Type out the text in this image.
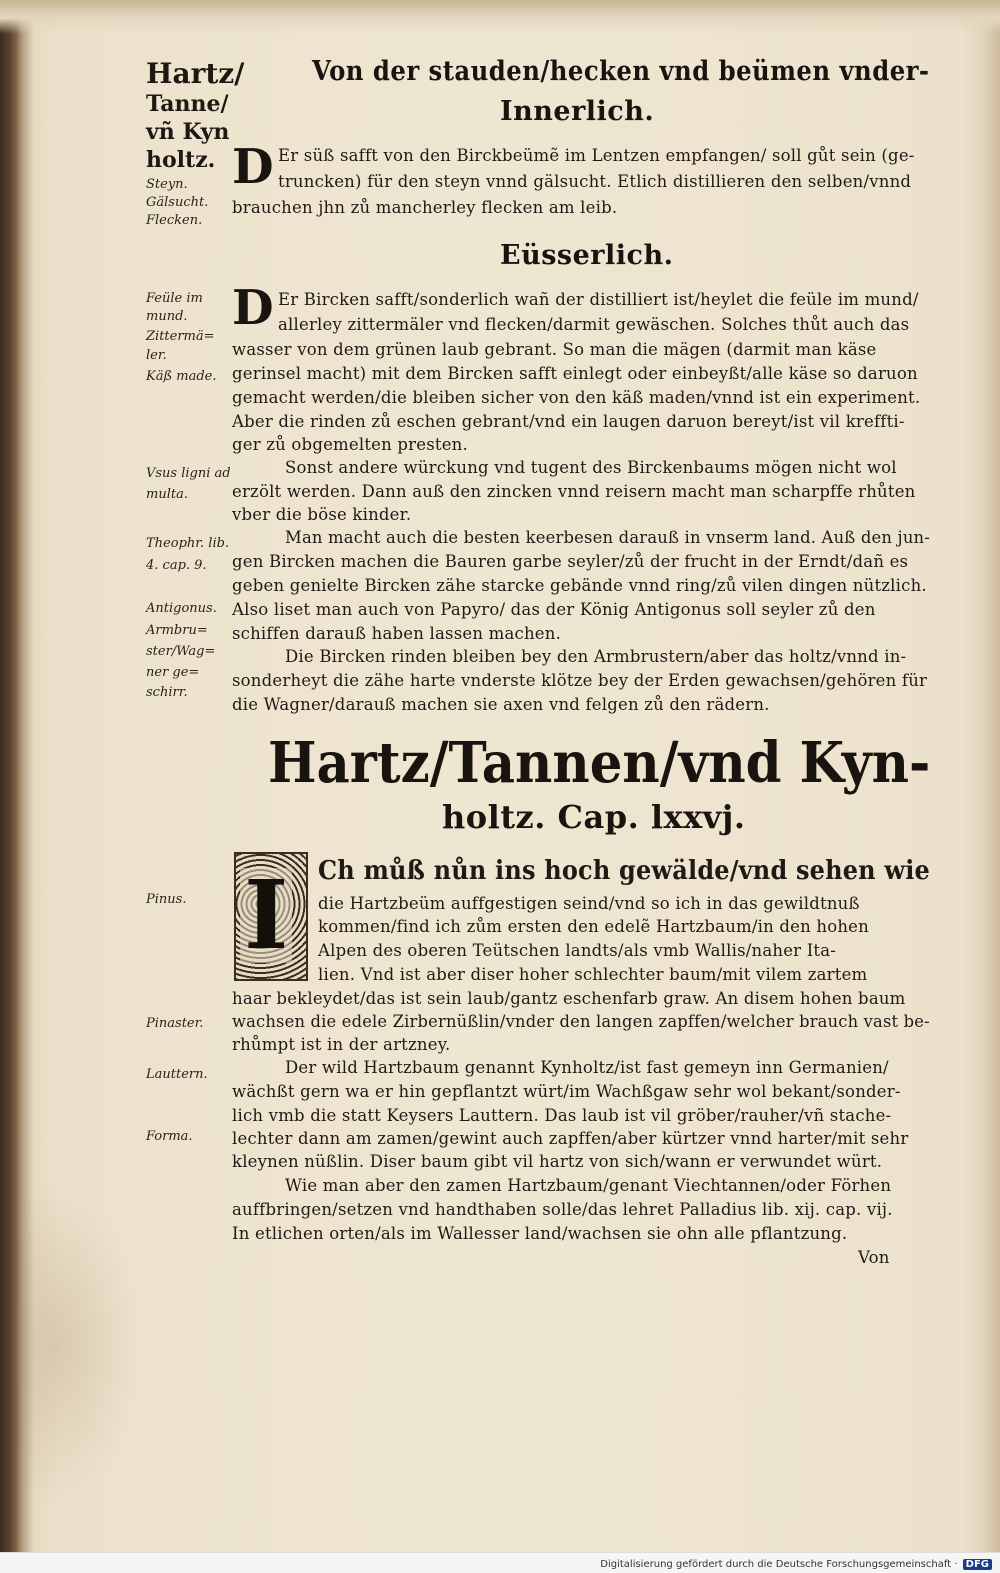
Hartz/
Tanne/
vñ Kyn
holtz.
Von der stauden/hecken vnd beümen vnder-
Innerlich.
Steyn.
Gälsucht.
Flecken.
D Er süß safft von den Birckbeümẽ im Lentzen empfangen/ soll gůt sein (ge-
truncken) für den steyn vnnd gälsucht. Etlich distillieren den selben/vnnd
brauchen jhn zů mancherley flecken am leib.
Eüsserlich.
Feüle im
mund.
Zittermä=
ler.
Käß made.
D Er Bircken safft/sonderlich wañ der distilliert ist/heylet die feüle im mund/
allerley zittermäler vnd flecken/darmit gewäschen. Solches thůt auch das
wasser von dem grünen laub gebrant. So man die mägen (darmit man käse
gerinsel macht) mit dem Bircken safft einlegt oder einbeyßt/alle käse so daruon
gemacht werden/die bleiben sicher von den käß maden/vnnd ist ein experiment.
Aber die rinden zů eschen gebrant/vnd ein laugen daruon bereyt/ist vil kreffti-
ger zů obgemelten presten.
Vsus ligni ad
multa.
Sonst andere würckung vnd tugent des Birckenbaums mögen nicht wol
erzölt werden. Dann auß den zincken vnnd reisern macht man scharpffe rhůten
vber die böse kinder.
Theophr. lib.
4. cap. 9.
Man macht auch die besten keerbesen darauß in vnserm land. Auß den jun-
gen Bircken machen die Bauren garbe seyler/zů der frucht in der Erndt/dañ es
geben genielte Bircken zähe starcke gebände vnnd ring/zů vilen dingen nützlich.
Antigonus.
Armbru=
ster/Wag=
ner ge=
schirr.
Also liset man auch von Papyro/ das der König Antigonus soll seyler zů den
schiffen darauß haben lassen machen.
Die Bircken rinden bleiben bey den Armbrustern/aber das holtz/vnnd in-
sonderheyt die zähe harte vnderste klötze bey der Erden gewachsen/gehören für
die Wagner/darauß machen sie axen vnd felgen zů den rädern.
Hartz/Tannen/vnd Kyn-
holtz. Cap. lxxvj.
Pinus.
Pinaster.
Lauttern.
Forma.
I Ch můß nůn ins hoch gewälde/vnd sehen wie
die Hartzbeüm auffgestigen seind/vnd so ich in das gewildtnuß
kommen/find ich zům ersten den edelẽ Hartzbaum/in den hohen
Alpen des oberen Teütschen landts/als vmb Wallis/naher Ita-
lien. Vnd ist aber diser hoher schlechter baum/mit vilem zartem
haar bekleydet/das ist sein laub/gantz eschenfarb graw. An disem hohen baum
wachsen die edele Zirbernüßlin/vnder den langen zapffen/welcher brauch vast be-
rhůmpt ist in der artzney.
Der wild Hartzbaum genannt Kynholtz/ist fast gemeyn inn Germanien/
wächßt gern wa er hin gepflantzt würt/im Wachßgaw sehr wol bekant/sonder-
lich vmb die statt Keysers Lauttern. Das laub ist vil gröber/rauher/vñ stache-
lechter dann am zamen/gewint auch zapffen/aber kürtzer vnnd harter/mit sehr
kleynen nüßlin. Diser baum gibt vil hartz von sich/wann er verwundet würt.
Wie man aber den zamen Hartzbaum/genant Viechtannen/oder Förhen
auffbringen/setzen vnd handthaben solle/das lehret Palladius lib. xij. cap. vij.
In etlichen orten/als im Wallesser land/wachsen sie ohn alle pflantzung.
Von
Digitalisierung gefördert durch die Deutsche Forschungsgemeinschaft · DFG
